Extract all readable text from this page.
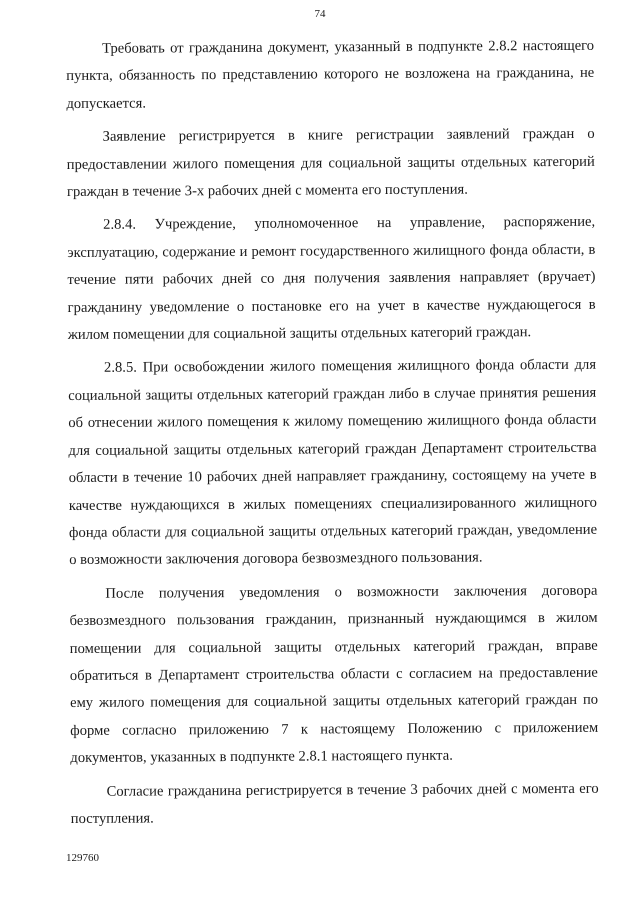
74

Требовать от гражданина документ, указанный в подпункте 2.8.2 настоящего пункта, обязанность по представлению которого не возложена на гражданина, не допускается.

Заявление регистрируется в книге регистрации заявлений граждан о предоставлении жилого помещения для социальной защиты отдельных категорий граждан в течение 3-х рабочих дней с момента его поступления.

2.8.4. Учреждение, уполномоченное на управление, распоряжение, эксплуатацию, содержание и ремонт государственного жилищного фонда области, в течение пяти рабочих дней со дня получения заявления направляет (вручает) гражданину уведомление о постановке его на учет в качестве нуждающегося в жилом помещении для социальной защиты отдельных категорий граждан.

2.8.5. При освобождении жилого помещения жилищного фонда области для социальной защиты отдельных категорий граждан либо в случае принятия решения об отнесении жилого помещения к жилому помещению жилищного фонда области для социальной защиты отдельных категорий граждан Департамент строительства области в течение 10 рабочих дней направляет гражданину, состоящему на учете в качестве нуждающихся в жилых помещениях специализированного жилищного фонда области для социальной защиты отдельных категорий граждан, уведомление о возможности заключения договора безвозмездного пользования.

После получения уведомления о возможности заключения договора безвозмездного пользования гражданин, признанный нуждающимся в жилом помещении для социальной защиты отдельных категорий граждан, вправе обратиться в Департамент строительства области с согласием на предоставление ему жилого помещения для социальной защиты отдельных категорий граждан по форме согласно приложению 7 к настоящему Положению с приложением документов, указанных в подпункте 2.8.1 настоящего пункта.

Согласие гражданина регистрируется в течение 3 рабочих дней с момента его поступления.

129760
